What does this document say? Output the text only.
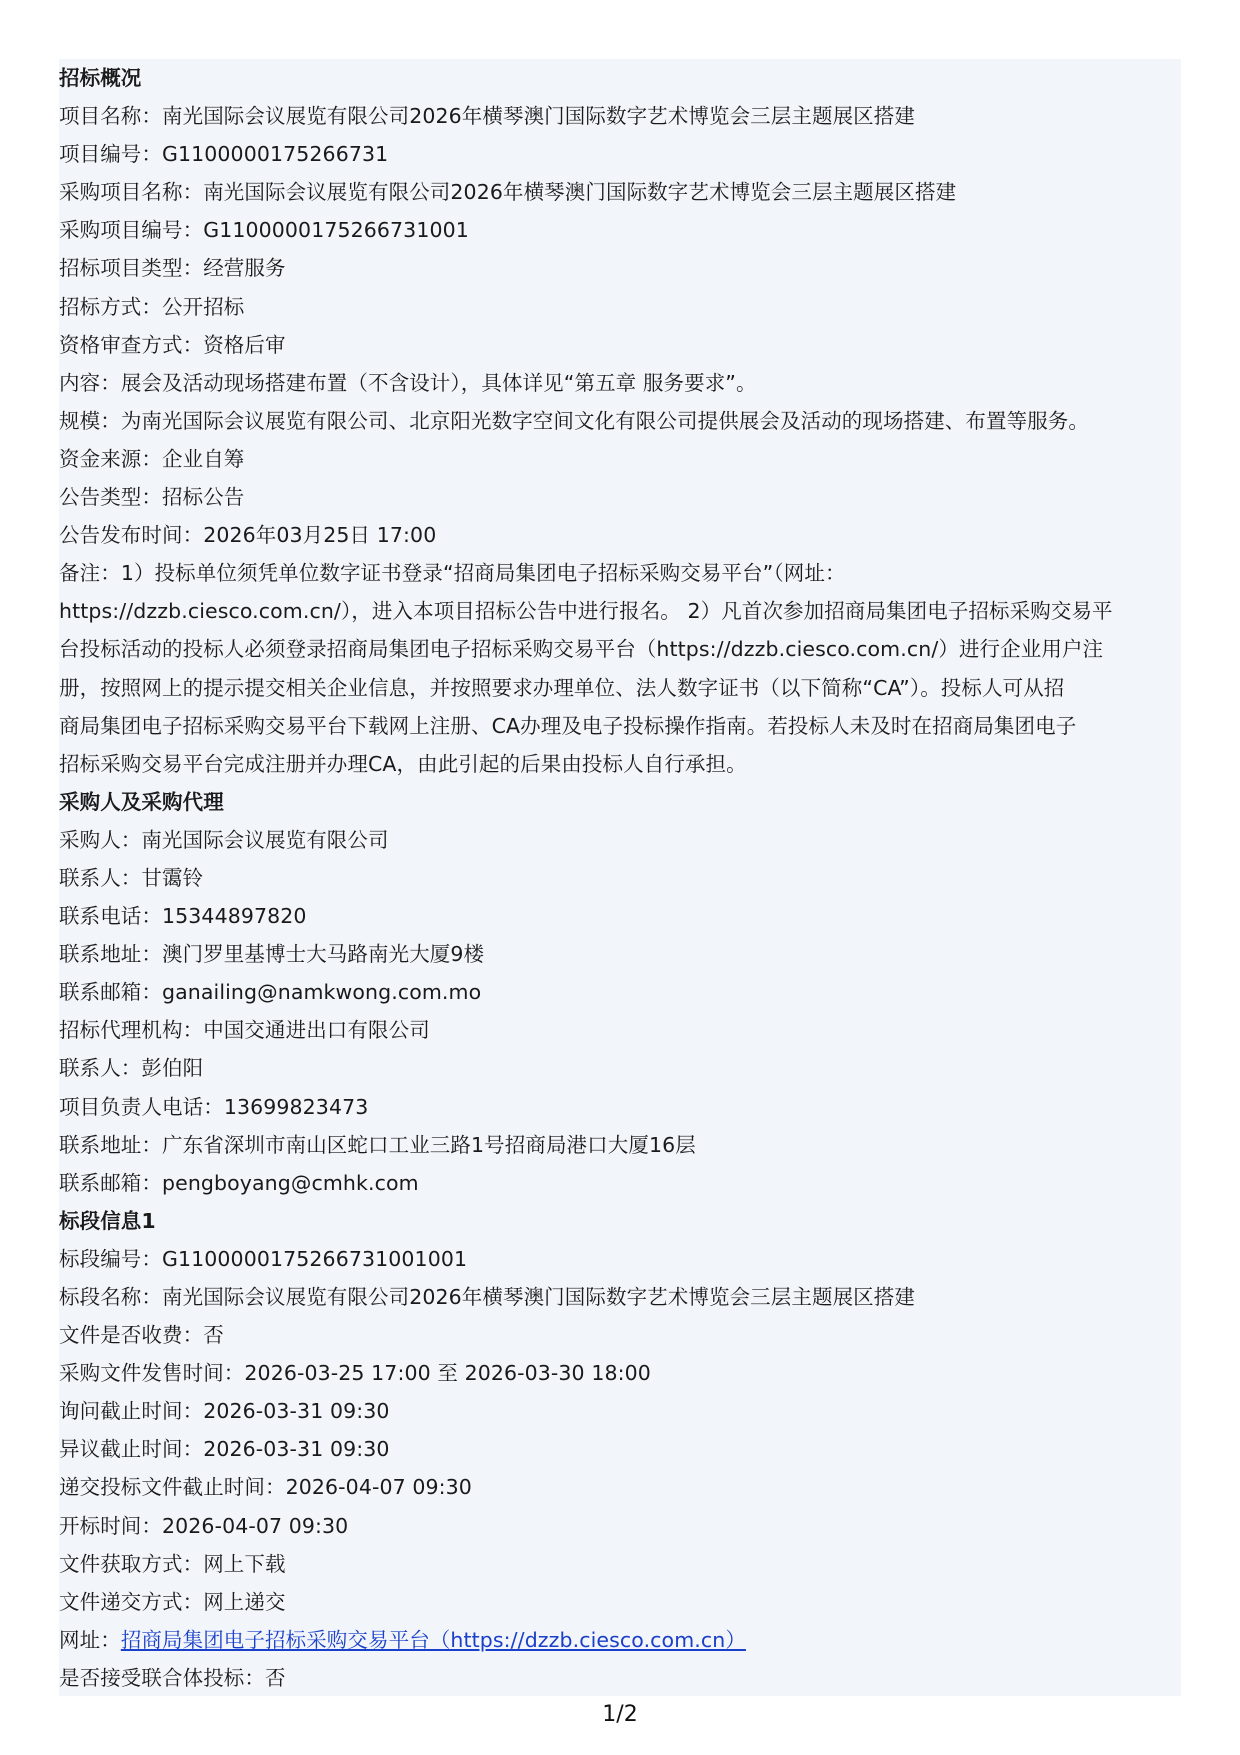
招标概况
项目名称：南光国际会议展览有限公司2026年横琴澳门国际数字艺术博览会三层主题展区搭建
项目编号：G1100000175266731
采购项目名称：南光国际会议展览有限公司2026年横琴澳门国际数字艺术博览会三层主题展区搭建
采购项目编号：G1100000175266731001
招标项目类型：经营服务
招标方式：公开招标
资格审查方式：资格后审
内容：展会及活动现场搭建布置（不含设计），具体详见“第五章 服务要求”。
规模：为南光国际会议展览有限公司、北京阳光数字空间文化有限公司提供展会及活动的现场搭建、布置等服务。
资金来源：企业自筹
公告类型：招标公告
公告发布时间：2026年03月25日 17:00
备注：1）投标单位须凭单位数字证书登录“招商局集团电子招标采购交易平台”（网址：
https://dzzb.ciesco.com.cn/），进入本项目招标公告中进行报名。 2）凡首次参加招商局集团电子招标采购交易平
台投标活动的投标人必须登录招商局集团电子招标采购交易平台（https://dzzb.ciesco.com.cn/）进行企业用户注
册，按照网上的提示提交相关企业信息，并按照要求办理单位、法人数字证书（以下简称“CA”）。投标人可从招
商局集团电子招标采购交易平台下载网上注册、CA办理及电子投标操作指南。若投标人未及时在招商局集团电子
招标采购交易平台完成注册并办理CA，由此引起的后果由投标人自行承担。
采购人及采购代理
采购人：南光国际会议展览有限公司
联系人：甘霭铃
联系电话：15344897820
联系地址：澳门罗里基博士大马路南光大厦9楼
联系邮箱：ganailing@namkwong.com.mo
招标代理机构：中国交通进出口有限公司
联系人：彭伯阳
项目负责人电话：13699823473
联系地址：广东省深圳市南山区蛇口工业三路1号招商局港口大厦16层
联系邮箱：pengboyang@cmhk.com
标段信息1
标段编号：G1100000175266731001001
标段名称：南光国际会议展览有限公司2026年横琴澳门国际数字艺术博览会三层主题展区搭建
文件是否收费：否
采购文件发售时间：2026-03-25 17:00 至 2026-03-30 18:00
询问截止时间：2026-03-31 09:30
异议截止时间：2026-03-31 09:30
递交投标文件截止时间：2026-04-07 09:30
开标时间：2026-04-07 09:30
文件获取方式：网上下载
文件递交方式：网上递交
网址：招商局集团电子招标采购交易平台（https://dzzb.ciesco.com.cn）
是否接受联合体投标：否
1/2
